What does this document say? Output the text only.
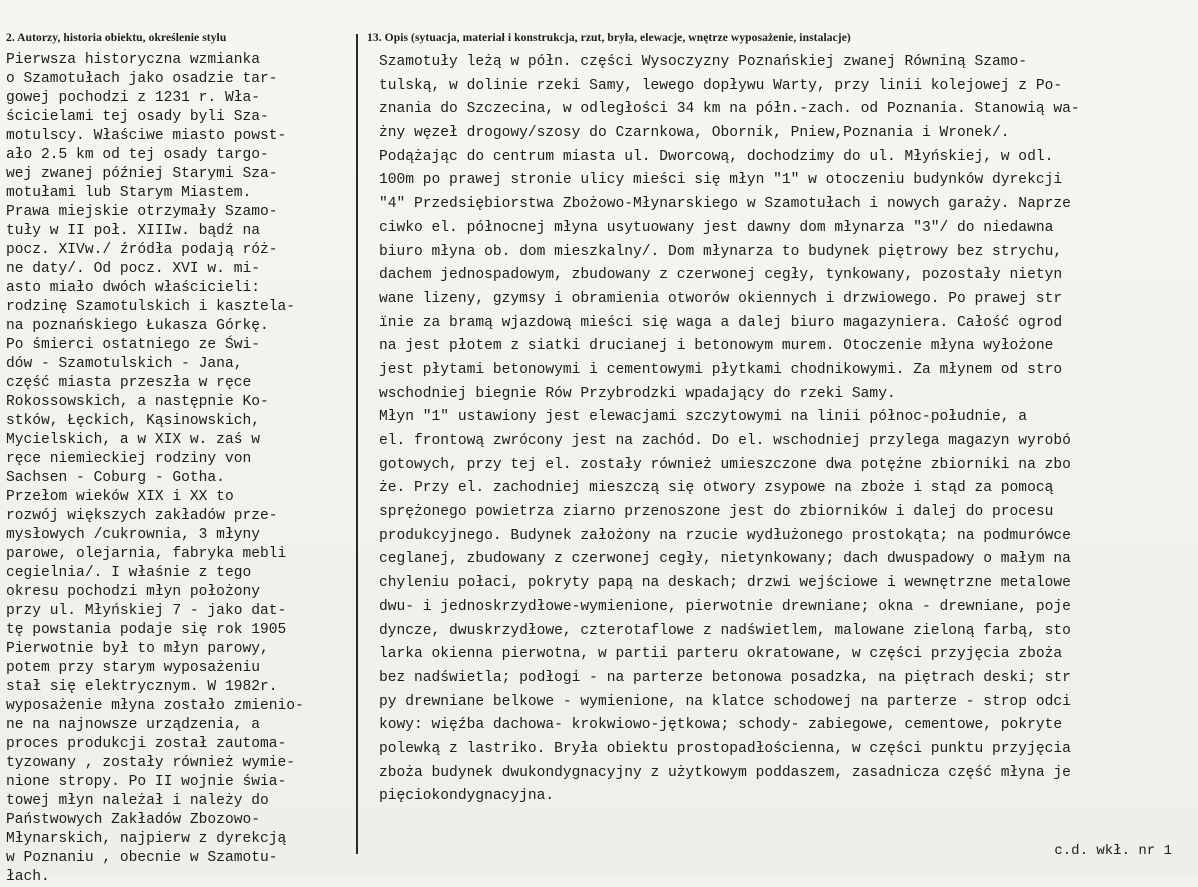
2. Autorzy, historia obiektu, określenie stylu
Pierwsza historyczna wzmianka
o Szamotułach jako osadzie tar-
gowej pochodzi z 1231 r. Wła-
ścicielami tej osady byli Sza-
motulscy. Właściwe miasto powst-
ało 2.5 km od tej osady targo-
wej zwanej później Starymi Sza-
motułami lub Starym Miastem.
Prawa miejskie otrzymały Szamo-
tuły w II poł. XIIIw. bądź na
pocz. XIVw./ źródła podają róż-
ne daty/. Od pocz. XVI w. mi-
asto miało dwóch właścicieli:
rodzinę Szamotulskich i kasztela-
na poznańskiego Łukasza Górkę.
Po śmierci ostatniego ze Świ-
dów - Szamotulskich - Jana,
część miasta przeszła w ręce
Rokossowskich, a następnie Ko-
stków, Łęckich, Kąsinowskich,
Mycielskich, a w XIX w. zaś w
ręce niemieckiej rodziny von
Sachsen - Coburg - Gotha.
Przełom wieków XIX i XX to
rozwój większych zakładów prze-
mysłowych /cukrownia, 3 młyny
parowe, olejarnia, fabryka mebli
cegielnia/. I właśnie z tego
okresu pochodzi młyn położony
przy ul. Młyńskiej 7 - jako dat-
tę powstania podaje się rok 1905
Pierwotnie był to młyn parowy,
potem przy starym wyposażeniu
stał się elektrycznym. W 1982r.
wyposażenie młyna zostało zmienio-
ne na najnowsze urządzenia, a
proces produkcji został zautoma-
tyzowany , zostały również wymie-
nione stropy. Po II wojnie świa-
towej młyn należał i należy do
Państwowych Zakładów Zbozowo-
Młynarskich, najpierw z dyrekcją
w Poznaniu , obecnie w Szamotu-
łach.
13. Opis (sytuacja, materiał i konstrukcja, rzut, bryła, elewacje, wnętrze wyposażenie, instalacje)
Szamotuły leżą w półn. części Wysoczyzny Poznańskiej zwanej Równiną Szamo-
tulską, w dolinie rzeki Samy, lewego dopływu Warty, przy linii kolejowej z Po-
znania do Szczecina, w odległości 34 km na półn.-zach. od Poznania. Stanowią wa-
żny węzeł drogowy/szosy do Czarnkowa, Obornik, Pniew,Poznania i Wronek/.
Podążając do centrum miasta ul. Dworcową, dochodzimy do ul. Młyńskiej, w odl.
100m po prawej stronie ulicy mieści się młyn "1" w otoczeniu budynków dyrekcji
"4" Przedsiębiorstwa Zbożowo-Młynarskiego w Szamotułach i nowych garaży. Naprze
ciwko el. północnej młyna usytuowany jest dawny dom młynarza "3"/ do niedawna
biuro młyna ob. dom mieszkalny/. Dom młynarza to budynek piętrowy bez strychu,
dachem jednospadowym, zbudowany z czerwonej cegły, tynkowany, pozostały nietyn
wane lizeny, gzymsy i obramienia otworów okiennych i drzwiowego. Po prawej str
ïnie za bramą wjazdową mieści się waga a dalej biuro magazyniera. Całość ogrod
na jest płotem z siatki drucianej i betonowym murem. Otoczenie młyna wyłożone
jest płytami betonowymi i cementowymi płytkami chodnikowymi. Za młynem od stro
wschodniej biegnie Rów Przybrodzki wpadający do rzeki Samy.
Młyn "1" ustawiony jest elewacjami szczytowymi na linii północ-południe, a
el. frontową zwrócony jest na zachód. Do el. wschodniej przylega magazyn wyrobó
gotowych, przy tej el. zostały również umieszczone dwa potężne zbiorniki na zbo
że. Przy el. zachodniej mieszczą się otwory zsypowe na zboże i stąd za pomocą
sprężonego powietrza ziarno przenoszone jest do zbiorników i dalej do procesu
produkcyjnego. Budynek założony na rzucie wydłużonego prostokąta; na podmurówce
ceglanej, zbudowany z czerwonej cegły, nietynkowany; dach dwuspadowy o małym na
chyleniu połaci, pokryty papą na deskach; drzwi wejściowe i wewnętrzne metalowe
dwu- i jednoskrzydłowe-wymienione, pierwotnie drewniane; okna - drewniane, poje
dyncze, dwuskrzydłowe, czterotaflowe z nadświetlem, malowane zieloną farbą, sto
larka okienna pierwotna, w partii parteru okratowane, w części przyjęcia zboża
bez nadświetla; podłogi - na parterze betonowa posadzka, na piętrach deski; str
py drewniane belkowe - wymienione, na klatce schodowej na parterze - strop odci
kowy: więźba dachowa- krokwiowo-jętkowa; schody- zabiegowe, cementowe, pokryte
polewką z lastriko. Bryła obiektu prostopadłościenna, w części punktu przyjęcia
zboża budynek dwukondygnacyjny z użytkowym poddaszem, zasadnicza część młyna je
pięciokondygnacyjna.
c.d. wkł. nr 1
